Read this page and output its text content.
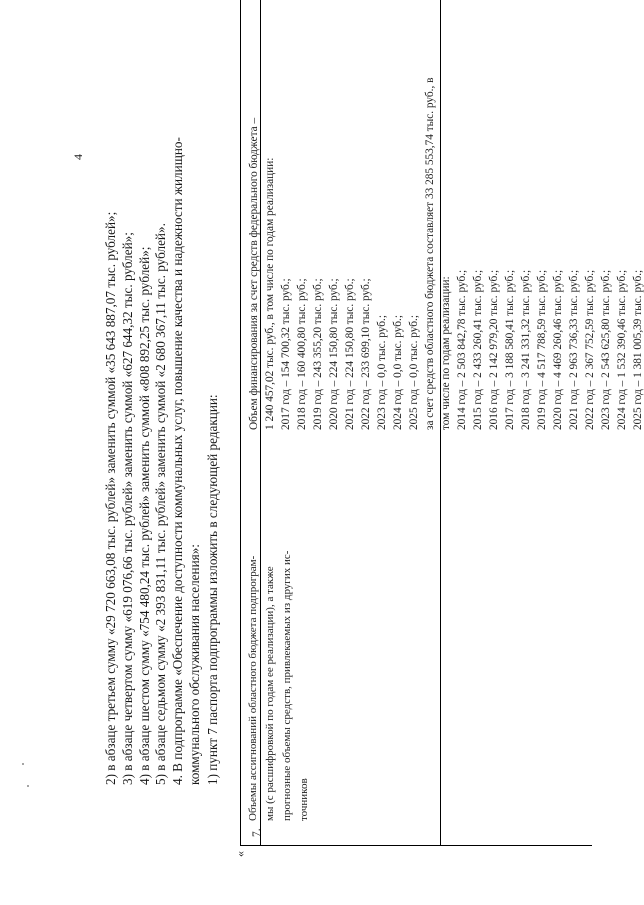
4
2) в абзаце третьем сумму «29 720 663,08 тыс. рублей» заменить суммой «35 643 887,07 тыс. рублей»; 3) в абзаце четвертом сумму «619 076,66 тыс. рублей» заменить суммой «627 644,32 тыс. рублей»; 4) в абзаце шестом сумму «754 480,24 тыс. рублей» заменить суммой «808 892,25 тыс. рублей»; 5) в абзаце седьмом сумму «2 393 831,11 тыс. рублей» заменить суммой «2 680 367,11 тыс. рублей». 4. В подпрограмме «Обеспечение доступности коммунальных услуг, повышение качества и надежности жилищно- коммунального обслуживания населения»: 1) пункт 7 паспорта подпрограммы изложить в следующей редакции:
«
7.
Объемы ассигнований областного бюджета подпрограм- мы (с расшифровкой по годам ее реализации), а также прогнозные объемы средств, привлекаемых из других ис- точников
Объем финансирования за счет средств федерального бюджета – 1 240 457,02 тыс. руб., в том числе по годам реализации: 2017 год – 154 700,32 тыс. руб.; 2018 год – 160 400,80 тыс. руб.; 2019 год – 243 355,20 тыс. руб.; 2020 год – 224 150,80 тыс. руб.; 2021 год – 224 150,80 тыс. руб.; 2022 год – 233 699,10 тыс. руб.; 2023 год – 0,0 тыс. руб.; 2024 год – 0,0 тыс. руб.; 2025 год – 0,0 тыс. руб.; за счет средств областного бюджета составляет 33 285 553,74 тыс. руб., в том числе по годам реализации: 2014 год – 2 503 842,78 тыс. руб.; 2015 год – 2 433 260,41 тыс. руб.; 2016 год – 2 142 979,20 тыс. руб.; 2017 год – 3 188 580,41 тыс. руб.; 2018 год – 3 241 331,32 тыс. руб.; 2019 год – 4 517 788,59 тыс. руб.; 2020 год – 4 469 260,46 тыс. руб.; 2021 год – 2 963 736,33 тыс. руб.; 2022 год – 2 367 752,59 тыс. руб.; 2023 год – 2 543 625,80 тыс. руб.; 2024 год – 1 532 390,46 тыс. руб.; 2025 год – 1 381 005,39 тыс. руб.;
